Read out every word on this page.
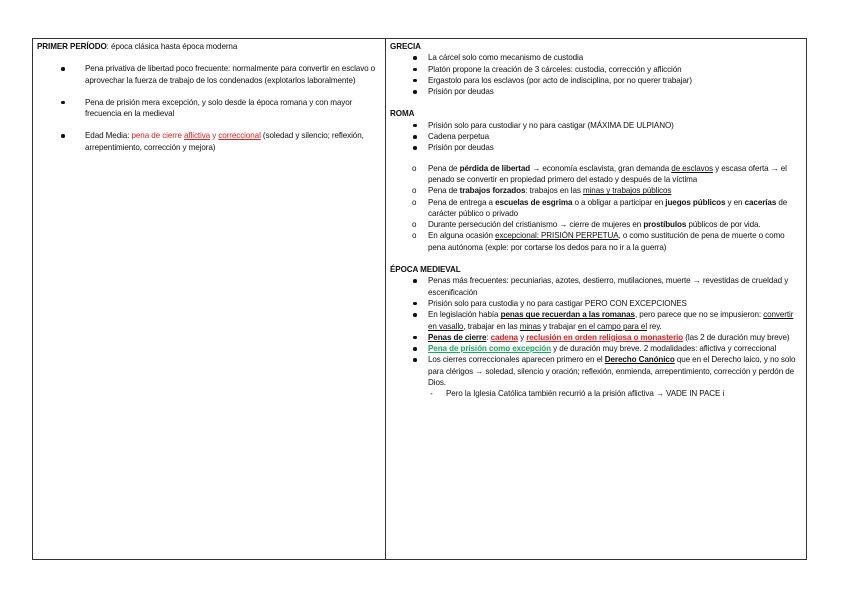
PRIMER PERÍODO: época clásica hasta época moderna
Pena privativa de libertad poco frecuente: normalmente para convertir en esclavo o aprovechar la fuerza de trabajo de los condenados (explotarlos laboralmente)
Pena de prisión mera excepción, y solo desde la época romana y con mayor frecuencia en la medieval
Edad Media: pena de cierre aflictiva y correccional (soledad y silencio; reflexión, arrepentimiento, corrección y mejora)

GRECIA
La cárcel solo como mecanismo de custodia
Platón propone la creación de 3 cárceles: custodia, corrección y aflicción
Ergastolo para los esclavos (por acto de indisciplina, por no querer trabajar)
Prisión por deudas
ROMA
Prisión solo para custodiar y no para castigar (MÁXIMA DE ULPIANO)
Cadena perpetua
Prisión por deudas
o Pena de pérdida de libertad → economía esclavista, gran demanda de esclavos y escasa oferta → el penado se convertir en propiedad primero del estado y después de la víctima
o Pena de trabajos forzados: trabajos en las minas y trabajos públicos
o Pena de entrega a escuelas de esgrima o a obligar a participar en juegos públicos y en cacerías de carácter público o privado
o Durante persecución del cristianismo → cierre de mujeres en prostíbulos públicos de por vida.
o En alguna ocasión excepcional: PRISIÓN PERPETUA, o como sustitución de pena de muerte o como pena autónoma (exple: por cortarse los dedos para no ir a la guerra)
ÉPOCA MEDIEVAL
Penas más frecuentes: pecuniarias, azotes, destierro, mutilaciones, muerte → revestidas de crueldad y escenificación
Prisión solo para custodia y no para castigar PERO CON EXCEPCIONES
En legislación había penas que recuerdan a las romanas, pero parece que no se impusieron: convertir en vasallo, trabajar en las minas y trabajar en el campo para el rey.
Penas de cierre: cadena y reclusión en orden religiosa o monasterio (las 2 de duración muy breve)
Pena de prisión como excepción y de duración muy breve. 2 modalidades: aflictiva y correccional
Los cierres correccionales aparecen primero en el Derecho Canónico que en el Derecho laico, y no solo para clérigos → soledad, silencio y oración; reflexión, enmienda, arrepentimiento, corrección y perdón de Dios.
- Pero la Iglesia Católica también recurrió a la prisión aflictiva → VADE IN PACE i
